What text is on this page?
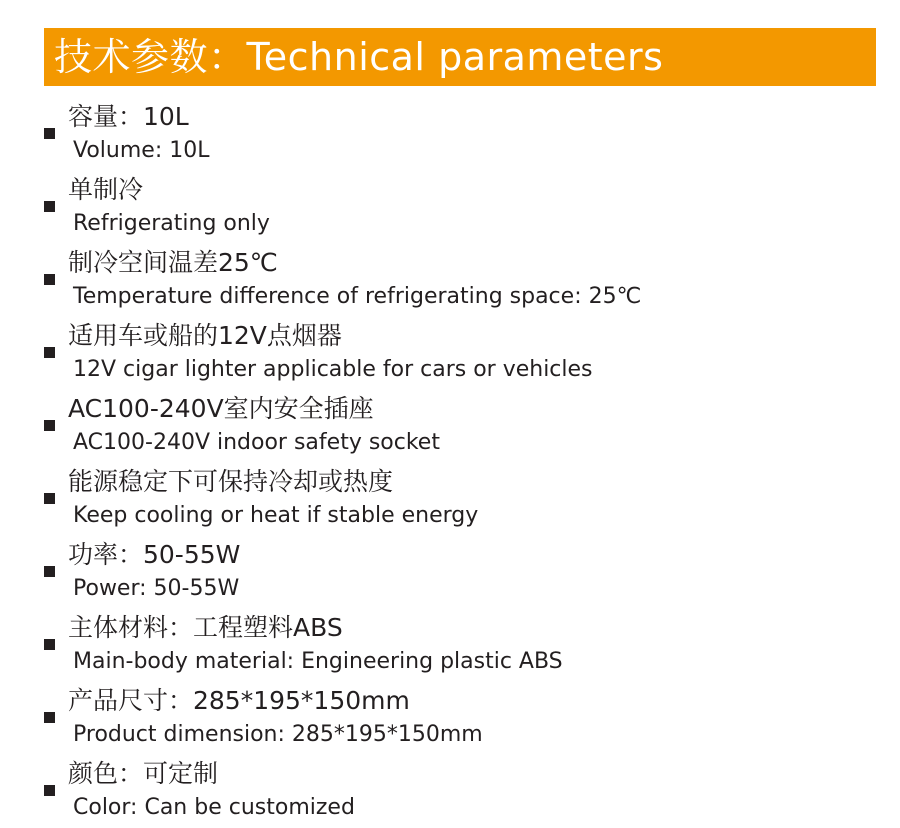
技术参数：Technical parameters
容量：10L
Volume: 10L
单制冷
Refrigerating only
制冷空间温差25℃
Temperature difference of refrigerating space: 25℃
适用车或船的12V点烟器
12V cigar lighter applicable for cars or vehicles
AC100-240V室内安全插座
AC100-240V indoor safety socket
能源稳定下可保持冷却或热度
Keep cooling or heat if stable energy
功率：50-55W
Power: 50-55W
主体材料：工程塑料ABS
Main-body material: Engineering plastic ABS
产品尺寸：285*195*150mm
Product dimension: 285*195*150mm
颜色：可定制
Color: Can be customized
